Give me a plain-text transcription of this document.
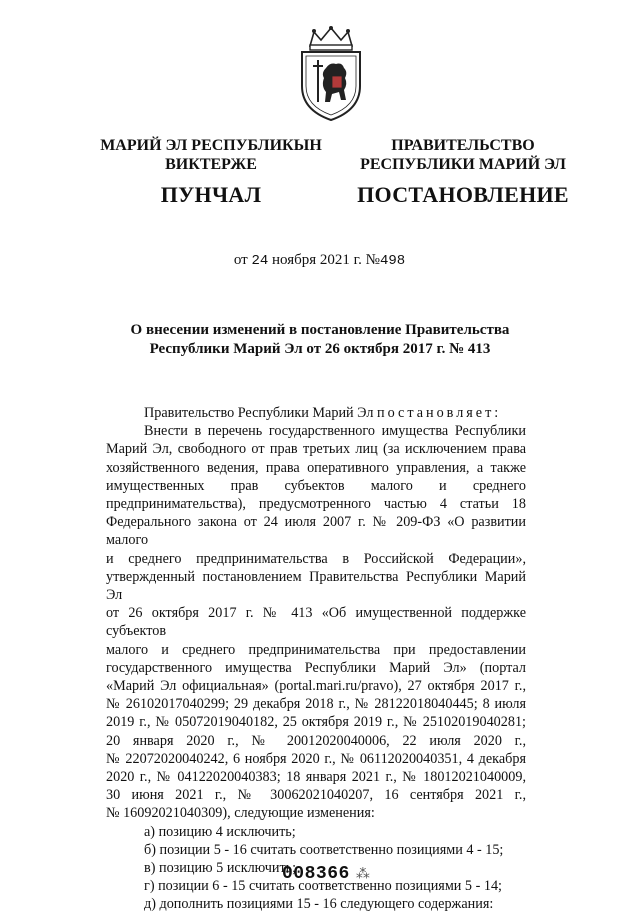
МАРИЙ ЭЛ РЕСПУБЛИКЫН
ВИКТЕРЖЕ
ПУНЧАЛ
ПРАВИТЕЛЬСТВО
РЕСПУБЛИКИ МАРИЙ ЭЛ
ПОСТАНОВЛЕНИЕ
от 24 ноября 2021 г. №498
О внесении изменений в постановление Правительства
Республики Марий Эл от 26 октября 2017 г. № 413

Правительство Республики Марий Эл постановляет:

Внести в перечень государственного имущества Республики

Марий Эл, свободного от прав третьих лиц (за исключением права

хозяйственного ведения, права оперативного управления, а также

имущественных прав субъектов малого и среднего

предпринимательства), предусмотренного частью 4 статьи 18

Федерального закона от 24 июля 2007 г. № 209-ФЗ «О развитии малого

и среднего предпринимательства в Российской Федерации»,

утвержденный постановлением Правительства Республики Марий Эл

от 26 октября 2017 г. № 413 «Об имущественной поддержке субъектов

малого и среднего предпринимательства при предоставлении

государственного имущества Республики Марий Эл» (портал

«Марий Эл официальная» (portal.mari.ru/pravo), 27 октября 2017 г.,

№ 26102017040299; 29 декабря 2018 г., № 28122018040445; 8 июля

2019 г., № 05072019040182, 25 октября 2019 г., № 25102019040281;

20 января 2020 г., № 20012020040006, 22 июля 2020 г.,

№ 22072020040242, 6 ноября 2020 г., № 06112020040351, 4 декабря

2020 г., № 04122020040383; 18 января 2021 г., № 18012021040009,

30 июня 2021 г., № 30062021040207, 16 сентября 2021 г.,

№ 16092021040309), следующие изменения:

а) позицию 4 исключить;

б) позиции 5 - 16 считать соответственно позициями 4 - 15;

в) позицию 5 исключить;

г) позиции 6 - 15 считать соответственно позициями 5 - 14;

д) дополнить позициями 15 - 16 следующего содержания:

008366 ⁂
